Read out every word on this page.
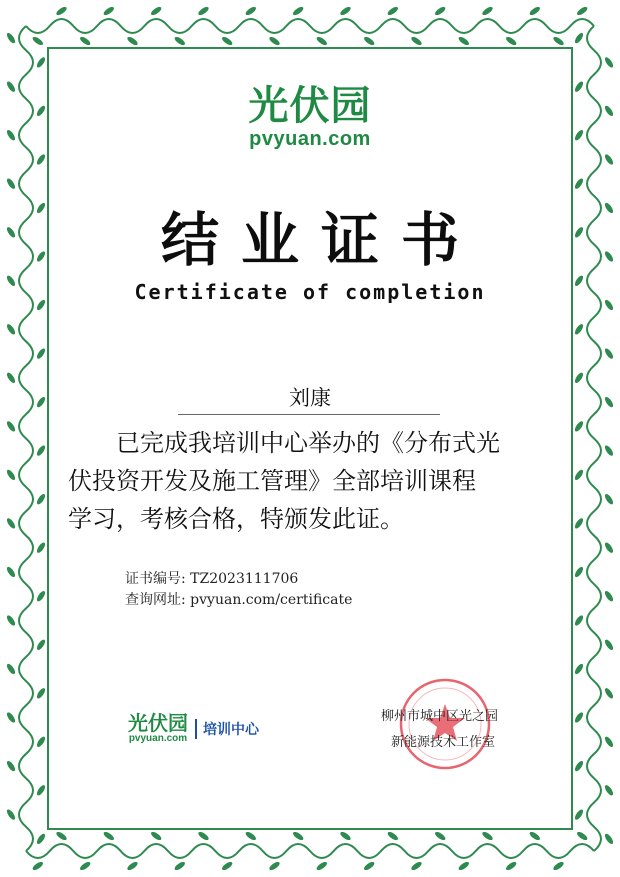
光伏园
pvyuan.com
结业证书
Certificate of completion
刘康
已完成我培训中心举办的《分布式光
伏投资开发及施工管理》全部培训课程
学习，考核合格，特颁发此证。
证书编号: TZ2023111706
查询网址: pvyuan.com/certificate
光伏园
pvyuan.com
培训中心
柳州市城中区光之园
新能源技术工作室
